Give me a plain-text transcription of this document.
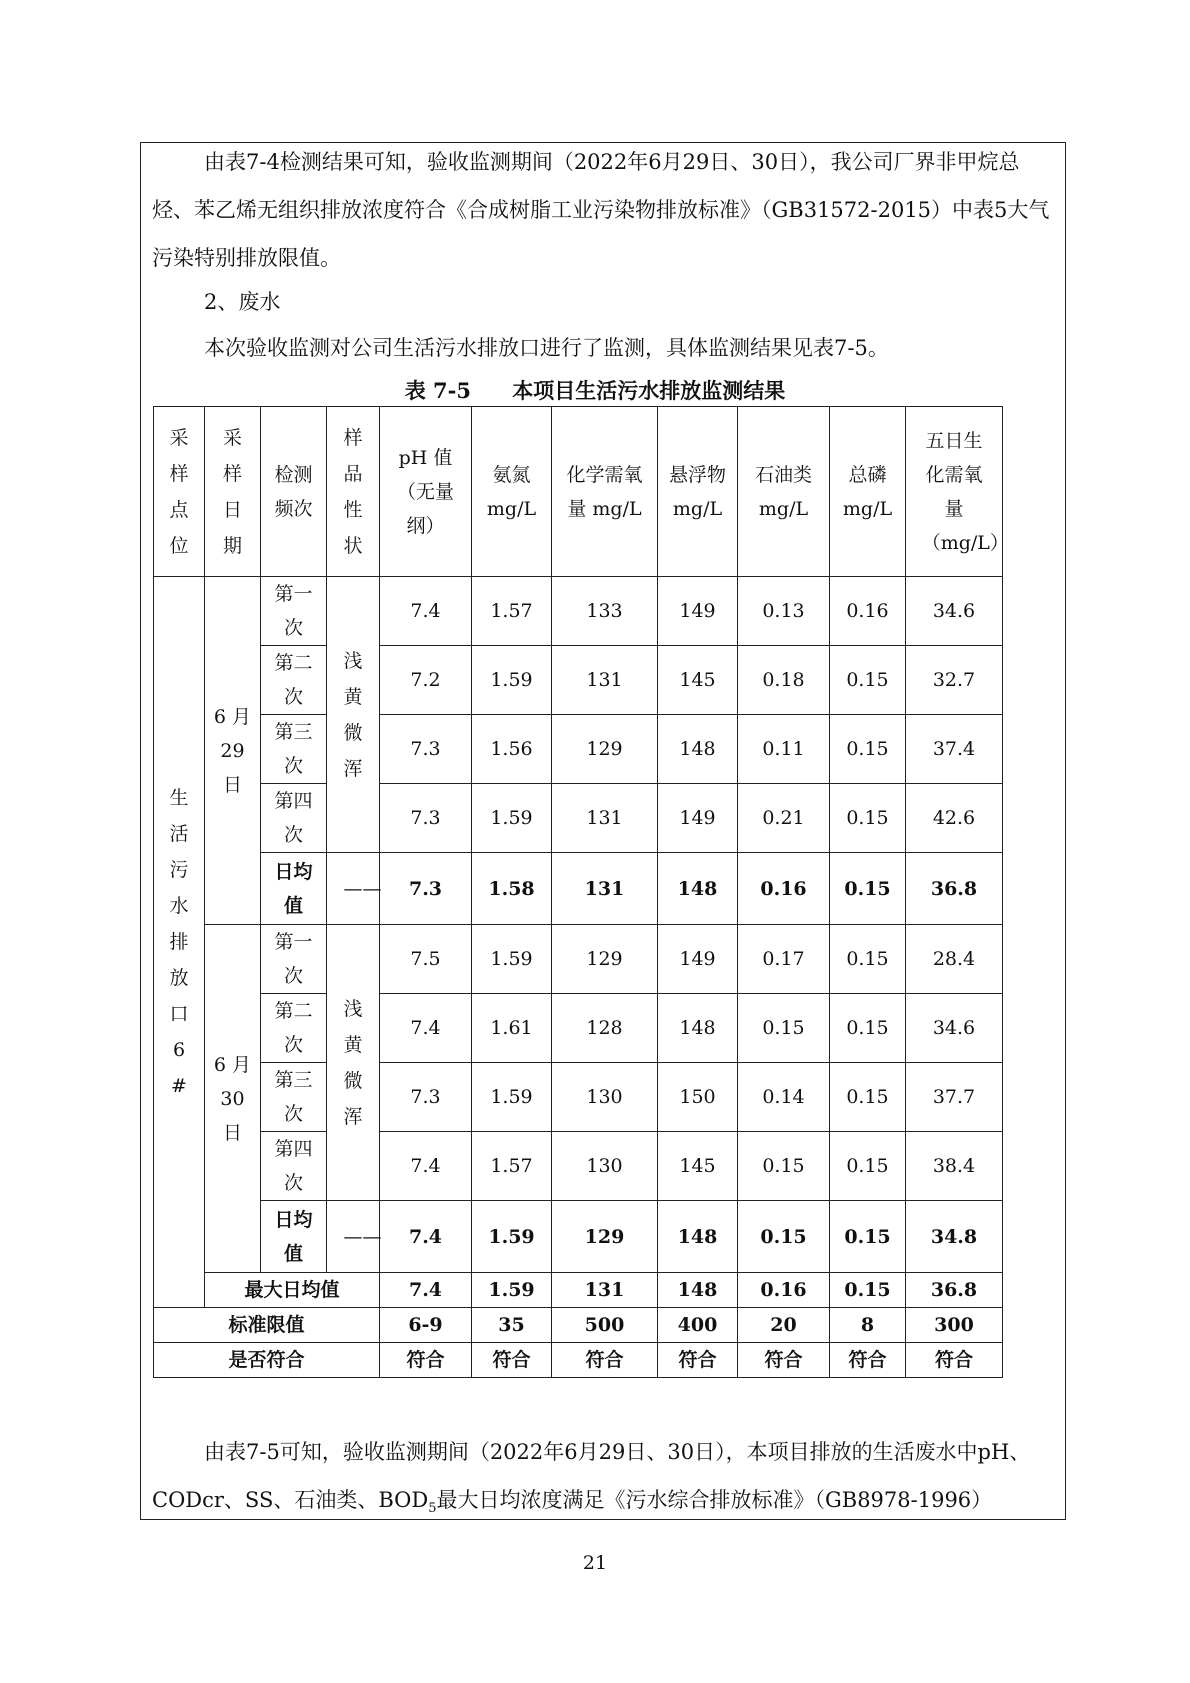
由表7-4检测结果可知，验收监测期间（2022年6月29日、30日），我公司厂界非甲烷总烃、苯乙烯无组织排放浓度符合《合成树脂工业污染物排放标准》（GB31572-2015）中表5大气污染特别排放限值。

2、废水

本次验收监测对公司生活污水排放口进行了监测，具体监测结果见表7-5。

表 7-5 本项目生活污水排放监测结果
采样点位	采样日期	检测频次	样品性状	pH 值（无量纲）	氨氮 mg/L	化学需氧量 mg/L	悬浮物 mg/L	石油类 mg/L	总磷 mg/L	五日生化需氧量（mg/L）
生活污水排放口6#	6 月 29 日	第一次	浅黄微浑	7.4	1.57	133	149	0.13	0.16	34.6
		第二次		7.2	1.59	131	145	0.18	0.15	32.7
		第三次		7.3	1.56	129	148	0.11	0.15	37.4
		第四次		7.3	1.59	131	149	0.21	0.15	42.6
		日均值	——	7.3	1.58	131	148	0.16	0.15	36.8
	6 月 30 日	第一次	浅黄微浑	7.5	1.59	129	149	0.17	0.15	28.4
		第二次		7.4	1.61	128	148	0.15	0.15	34.6
		第三次		7.3	1.59	130	150	0.14	0.15	37.7
		第四次		7.4	1.57	130	145	0.15	0.15	38.4
		日均值	——	7.4	1.59	129	148	0.15	0.15	34.8
	最大日均值			7.4	1.59	131	148	0.16	0.15	36.8
标准限值				6-9	35	500	400	20	8	300
是否符合				符合	符合	符合	符合	符合	符合	符合

由表7-5可知，验收监测期间（2022年6月29日、30日），本项目排放的生活废水中pH、CODcr、SS、石油类、$BOD_5$最大日均浓度满足《污水综合排放标准》（GB8978-1996）

21
